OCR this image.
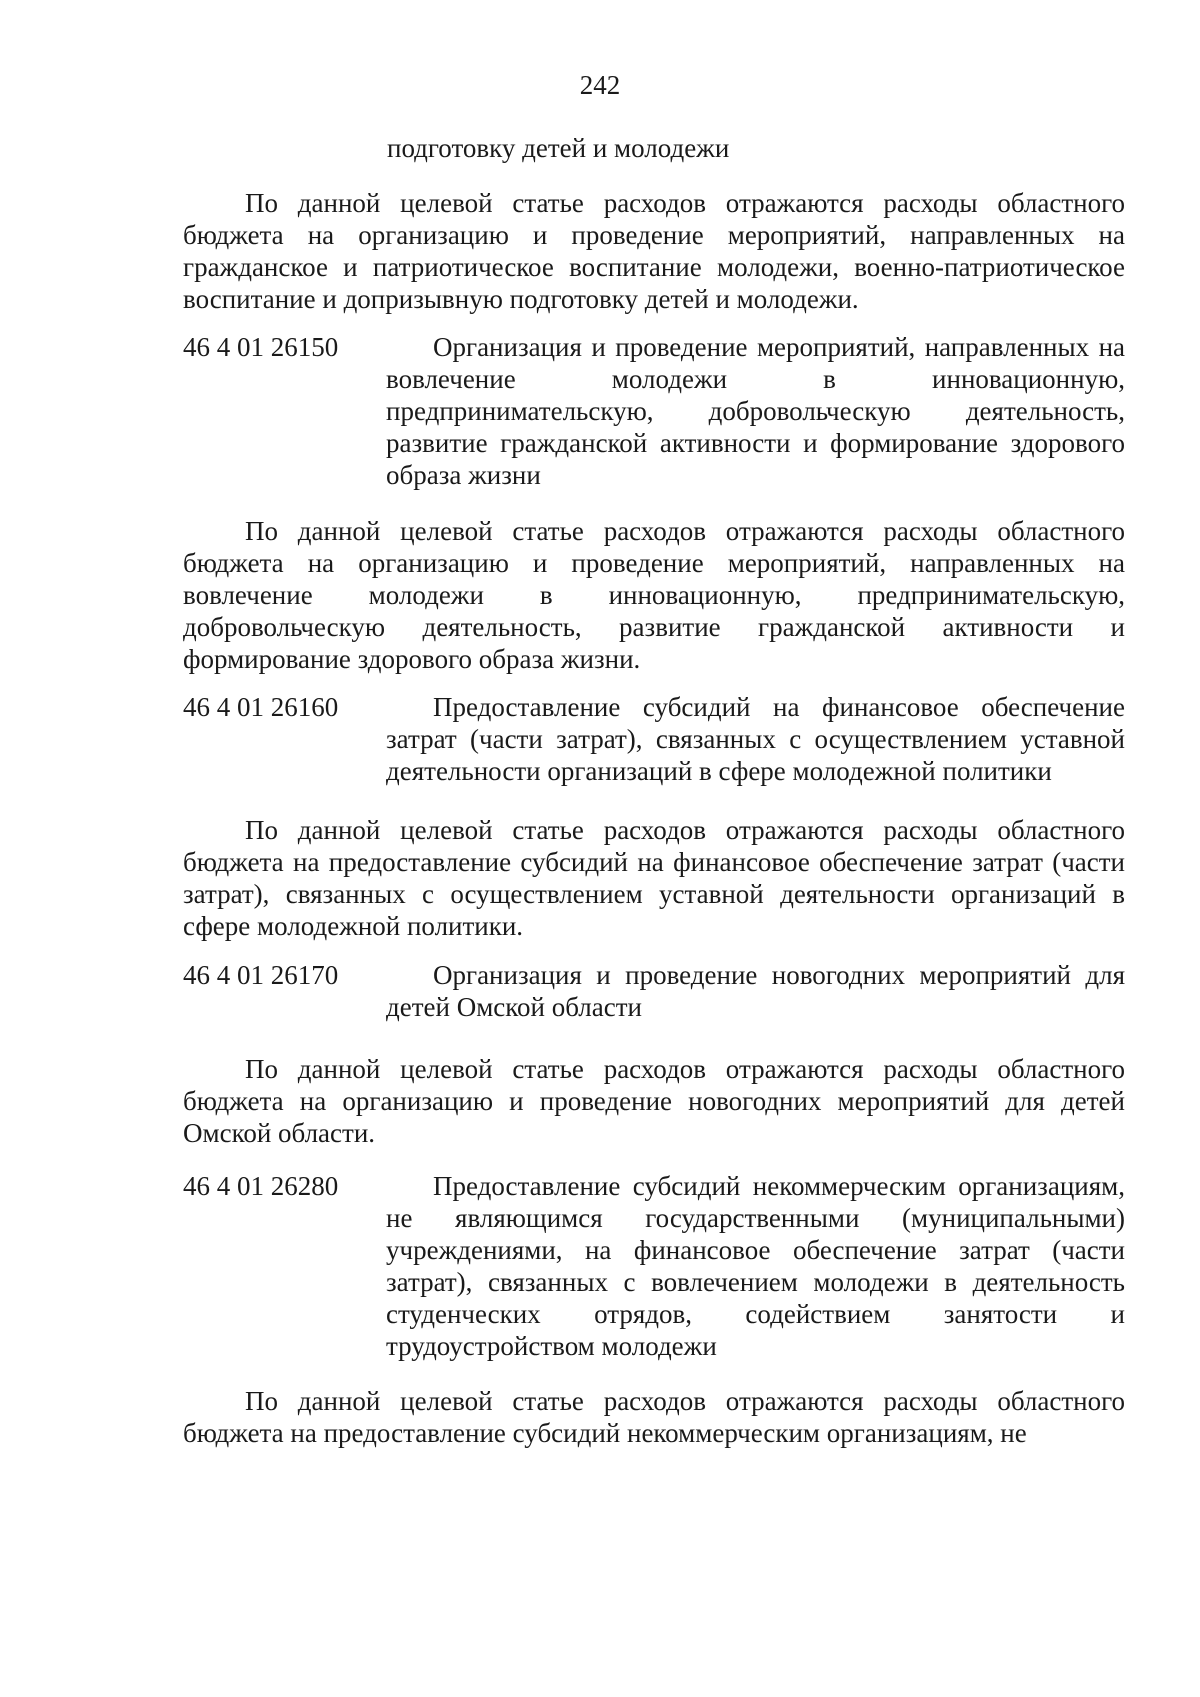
242
подготовку детей и молодежи

По данной целевой статье расходов отражаются расходы областного бюджета на организацию и проведение мероприятий, направленных на гражданское и патриотическое воспитание молодежи, военно-патриотическое воспитание и допризывную подготовку детей и молодежи.

46 4 01 26150	Организация и проведение мероприятий, направленных на вовлечение молодежи в инновационную, предпринимательскую, добровольческую деятельность, развитие гражданской активности и формирование здорового образа жизни

По данной целевой статье расходов отражаются расходы областного бюджета на организацию и проведение мероприятий, направленных на вовлечение молодежи в инновационную, предпринимательскую, добровольческую деятельность, развитие гражданской активности и формирование здорового образа жизни.

46 4 01 26160	Предоставление субсидий на финансовое обеспечение затрат (части затрат), связанных с осуществлением уставной деятельности организаций в сфере молодежной политики

По данной целевой статье расходов отражаются расходы областного бюджета на предоставление субсидий на финансовое обеспечение затрат (части затрат), связанных с осуществлением уставной деятельности организаций в сфере молодежной политики.

46 4 01 26170	Организация и проведение новогодних мероприятий для детей Омской области

По данной целевой статье расходов отражаются расходы областного бюджета на организацию и проведение новогодних мероприятий для детей Омской области.

46 4 01 26280	Предоставление субсидий некоммерческим организациям, не являющимся государственными (муниципальными) учреждениями, на финансовое обеспечение затрат (части затрат), связанных с вовлечением молодежи в деятельность студенческих отрядов, содействием занятости и трудоустройством молодежи

По данной целевой статье расходов отражаются расходы областного бюджета на предоставление субсидий некоммерческим организациям, не
